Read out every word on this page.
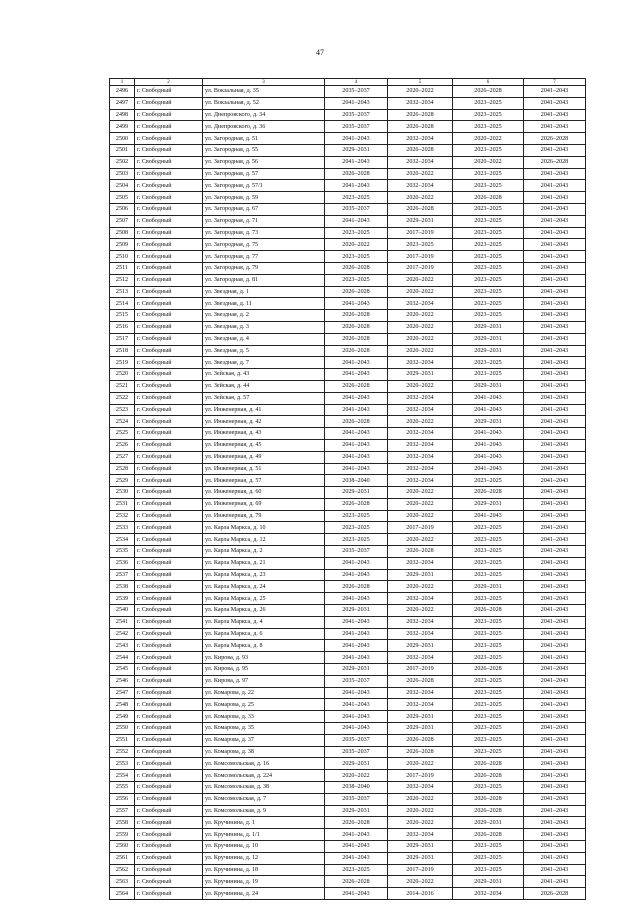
47
1	2	3	4	5	6	7
2496	г. Свободный	ул. Вокзальная, д. 35	2035–2037	2020–2022	2026–2028	2041–2043
2497	г. Свободный	ул. Вокзальная, д. 52	2041–2043	2032–2034	2023–2025	2041–2043
2498	г. Свободный	ул. Днепровского, д. 34	2035–2037	2026–2028	2023–2025	2041–2043
2499	г. Свободный	ул. Днепровского, д. 36	2035–2037	2026–2028	2023–2025	2041–2043
2500	г. Свободный	ул. Загородная, д. 51	2041–2043	2032–2034	2020–2022	2026–2028
2501	г. Свободный	ул. Загородная, д. 55	2029–2031	2026–2028	2023–2025	2041–2043
2502	г. Свободный	ул. Загородная, д. 56	2041–2043	2032–2034	2020–2022	2026–2028
2503	г. Свободный	ул. Загородная, д. 57	2026–2028	2020–2022	2023–2025	2041–2043
2504	г. Свободный	ул. Загородная, д. 57/1	2041–2043	2032–2034	2023–2025	2041–2043
2505	г. Свободный	ул. Загородная, д. 59	2023–2025	2020–2022	2026–2028	2041–2043
2506	г. Свободный	ул. Загородная, д. 67	2035–2037	2026–2028	2023–2025	2041–2043
2507	г. Свободный	ул. Загородная, д. 71	2041–2043	2029–2031	2023–2025	2041–2043
2508	г. Свободный	ул. Загородная, д. 73	2023–2025	2017–2019	2023–2025	2041–2043
2509	г. Свободный	ул. Загородная, д. 75	2020–2022	2023–2025	2023–2025	2041–2043
2510	г. Свободный	ул. Загородная, д. 77	2023–2025	2017–2019	2023–2025	2041–2043
2511	г. Свободный	ул. Загородная, д. 79	2026–2028	2017–2019	2023–2025	2041–2043
2512	г. Свободный	ул. Загородная, д. 81	2023–2025	2020–2022	2023–2025	2041–2043
2513	г. Свободный	ул. Звездная, д. 1	2026–2028	2020–2022	2023–2025	2041–2043
2514	г. Свободный	ул. Звездная, д. 11	2041–2043	2032–2034	2023–2025	2041–2043
2515	г. Свободный	ул. Звездная, д. 2	2026–2028	2020–2022	2023–2025	2041–2043
2516	г. Свободный	ул. Звездная, д. 3	2026–2028	2020–2022	2029–2031	2041–2043
2517	г. Свободный	ул. Звездная, д. 4	2026–2028	2020–2022	2029–2031	2041–2043
2518	г. Свободный	ул. Звездная, д. 5	2026–2028	2020–2022	2029–2031	2041–2043
2519	г. Свободный	ул. Звездная, д. 7	2041–2043	2032–2034	2023–2025	2041–2043
2520	г. Свободный	ул. Зейская, д. 43	2041–2043	2029–2031	2023–2025	2041–2043
2521	г. Свободный	ул. Зейская, д. 44	2026–2028	2020–2022	2029–2031	2041–2043
2522	г. Свободный	ул. Зейская, д. 57	2041–2043	2032–2034	2041–2043	2041–2043
2523	г. Свободный	ул. Инженерная, д. 41	2041–2043	2032–2034	2041–2043	2041–2043
2524	г. Свободный	ул. Инженерная, д. 42	2026–2028	2020–2022	2029–2031	2041–2043
2525	г. Свободный	ул. Инженерная, д. 43	2041–2043	2032–2034	2041–2043	2041–2043
2526	г. Свободный	ул. Инженерная, д. 45	2041–2043	2032–2034	2041–2043	2041–2043
2527	г. Свободный	ул. Инженерная, д. 49	2041–2043	2032–2034	2041–2043	2041–2043
2528	г. Свободный	ул. Инженерная, д. 51	2041–2043	2032–2034	2041–2043	2041–2043
2529	г. Свободный	ул. Инженерная, д. 57	2038–2040	2032–2034	2023–2025	2041–2043
2530	г. Свободный	ул. Инженерная, д. 60	2029–2031	2020–2022	2026–2028	2041–2043
2531	г. Свободный	ул. Инженерная, д. 69	2026–2028	2020–2022	2029–2031	2041–2043
2532	г. Свободный	ул. Инженерная, д. 79	2023–2025	2020–2022	2041–2043	2041–2043
2533	г. Свободный	ул. Карла Маркса, д. 10	2023–2025	2017–2019	2023–2025	2041–2043
2534	г. Свободный	ул. Карла Маркса, д. 12	2023–2025	2020–2022	2023–2025	2041–2043
2535	г. Свободный	ул. Карла Маркса, д. 2	2035–2037	2026–2028	2023–2025	2041–2043
2536	г. Свободный	ул. Карла Маркса, д. 21	2041–2043	2032–2034	2023–2025	2041–2043
2537	г. Свободный	ул. Карла Маркса, д. 23	2041–2043	2029–2031	2023–2025	2041–2043
2538	г. Свободный	ул. Карла Маркса, д. 24	2026–2028	2020–2022	2029–2031	2041–2043
2539	г. Свободный	ул. Карла Маркса, д. 25	2041–2043	2032–2034	2023–2025	2041–2043
2540	г. Свободный	ул. Карла Маркса, д. 26	2029–2031	2020–2022	2026–2028	2041–2043
2541	г. Свободный	ул. Карла Маркса, д. 4	2041–2043	2032–2034	2023–2025	2041–2043
2542	г. Свободный	ул. Карла Маркса, д. 6	2041–2043	2032–2034	2023–2025	2041–2043
2543	г. Свободный	ул. Карла Маркса, д. 8	2041–2043	2029–2031	2023–2025	2041–2043
2544	г. Свободный	ул. Кирова, д. 93	2041–2043	2032–2034	2023–2025	2041–2043
2545	г. Свободный	ул. Кирова, д. 95	2029–2031	2017–2019	2026–2028	2041–2043
2546	г. Свободный	ул. Кирова, д. 97	2035–2037	2026–2028	2023–2025	2041–2043
2547	г. Свободный	ул. Комарова, д. 22	2041–2043	2032–2034	2023–2025	2041–2043
2548	г. Свободный	ул. Комарова, д. 25	2041–2043	2032–2034	2023–2025	2041–2043
2549	г. Свободный	ул. Комарова, д. 33	2041–2043	2029–2031	2023–2025	2041–2043
2550	г. Свободный	ул. Комарова, д. 35	2041–2043	2029–2031	2023–2025	2041–2043
2551	г. Свободный	ул. Комарова, д. 37	2035–2037	2026–2028	2023–2025	2041–2043
2552	г. Свободный	ул. Комарова, д. 38	2035–2037	2026–2028	2023–2025	2041–2043
2553	г. Свободный	ул. Комсомольская, д. 16	2029–2031	2020–2022	2026–2028	2041–2043
2554	г. Свободный	ул. Комсомольская, д. 224	2020–2022	2017–2019	2026–2028	2041–2043
2555	г. Свободный	ул. Комсомольская, д. 38	2038–2040	2032–2034	2023–2025	2041–2043
2556	г. Свободный	ул. Комсомольская, д. 7	2035–2037	2020–2022	2026–2028	2041–2043
2557	г. Свободный	ул. Комсомольская, д. 9	2029–2031	2020–2022	2026–2028	2041–2043
2558	г. Свободный	ул. Кручинина, д. 1	2026–2028	2020–2022	2029–2031	2041–2043
2559	г. Свободный	ул. Кручинина, д. 1/1	2041–2043	2032–2034	2026–2028	2041–2043
2560	г. Свободный	ул. Кручинина, д. 10	2041–2043	2029–2031	2023–2025	2041–2043
2561	г. Свободный	ул. Кручинина, д. 12	2041–2043	2029–2031	2023–2025	2041–2043
2562	г. Свободный	ул. Кручинина, д. 18	2023–2025	2017–2019	2023–2025	2041–2043
2563	г. Свободный	ул. Кручинина, д. 19	2026–2028	2020–2022	2029–2031	2041–2043
2564	г. Свободный	ул. Кручинина, д. 24	2041–2043	2014–2016	2032–2034	2026–2028
